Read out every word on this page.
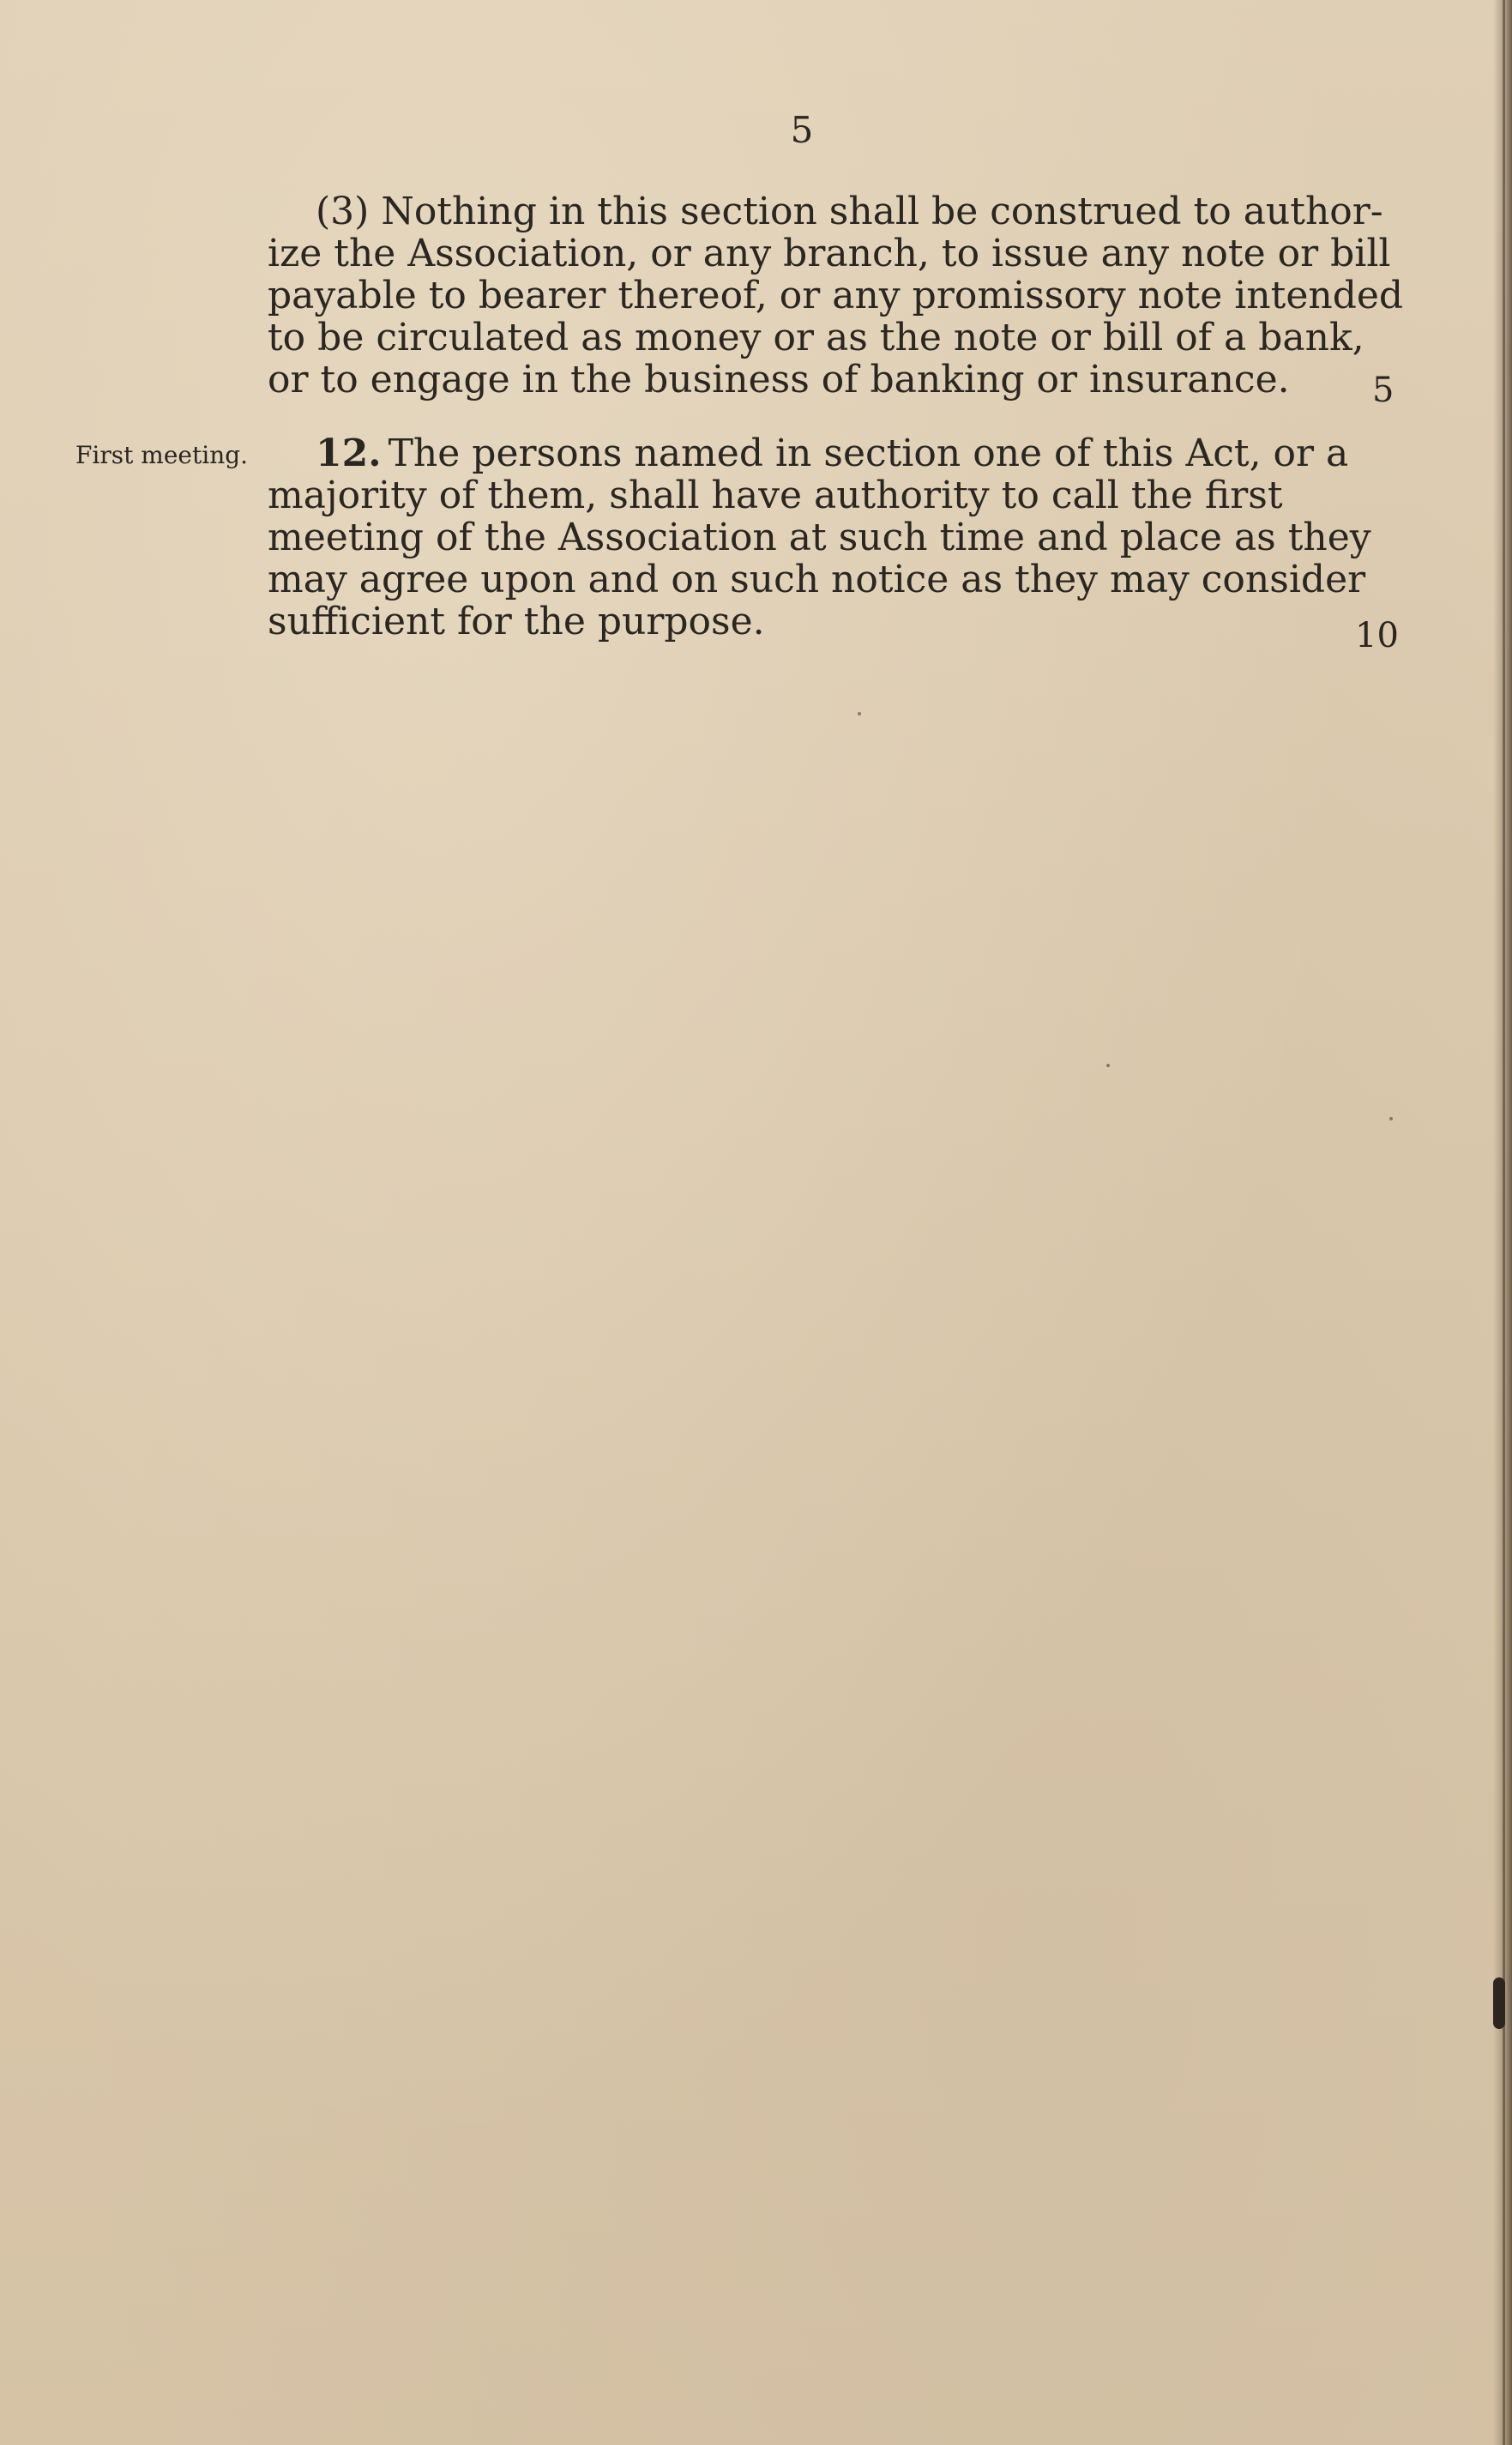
5
(3) Nothing in this section shall be construed to author-
ize the Association, or any branch, to issue any note or bill
payable to bearer thereof, or any promissory note intended
to be circulated as money or as the note or bill of a bank,
or to engage in the business of banking or insurance.	5
First meeting.	12. The persons named in section one of this Act, or a
majority of them, shall have authority to call the first
meeting of the Association at such time and place as they
may agree upon and on such notice as they may consider
sufficient for the purpose.	10
